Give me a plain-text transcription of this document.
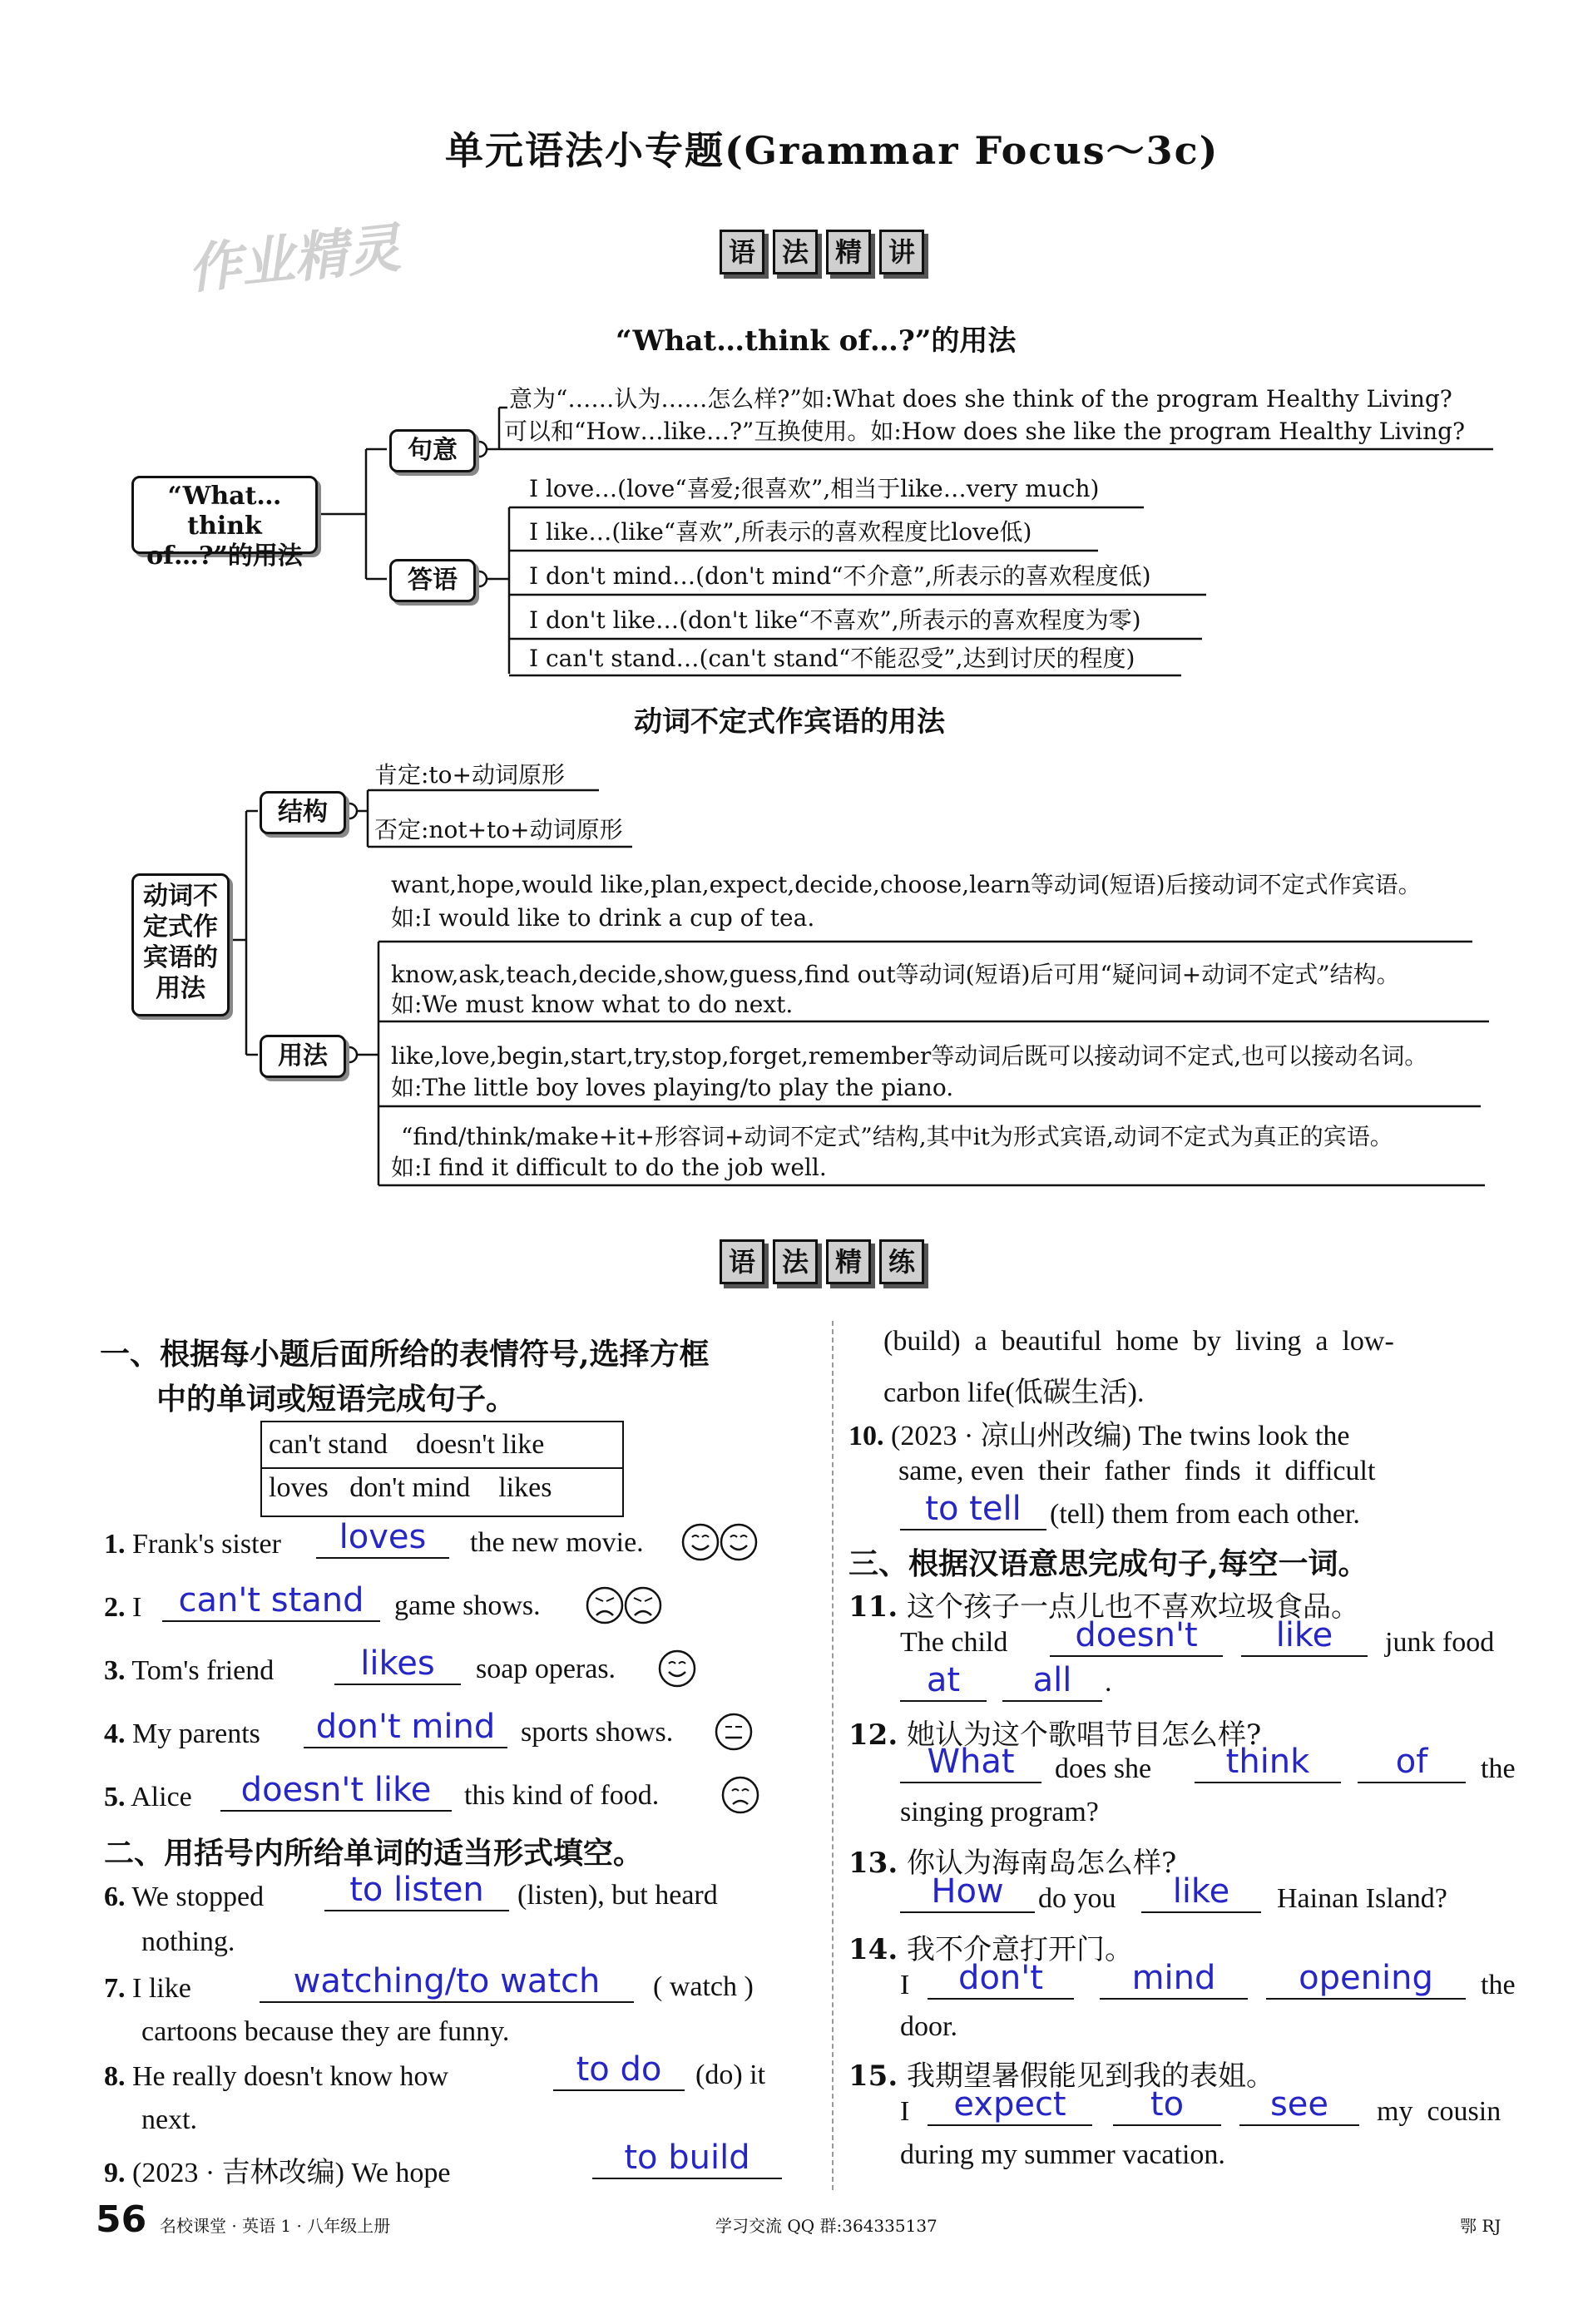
作业精灵
单元语法小专题(Grammar Focus～3c)
语 法 精 讲
“What…think of…?”的用法
“What…think of…?”的用法
句意
答语
意为“……认为……怎么样?”如:What does she think of the program Healthy Living?
可以和“How…like…?”互换使用。如:How does she like the program Healthy Living?
I love…(love“喜爱;很喜欢”,相当于like…very much)
I like…(like“喜欢”,所表示的喜欢程度比love低)
I don't mind…(don't mind“不介意”,所表示的喜欢程度低)
I don't like…(don't like“不喜欢”,所表示的喜欢程度为零)
I can't stand…(can't stand“不能忍受”,达到讨厌的程度)
动词不定式作宾语的用法
动词不定式作宾语的用法
结构
用法
肯定:to+动词原形
否定:not+to+动词原形
want,hope,would like,plan,expect,decide,choose,learn等动词(短语)后接动词不定式作宾语。
如:I would like to drink a cup of tea.
know,ask,teach,decide,show,guess,find out等动词(短语)后可用“疑问词+动词不定式”结构。
如:We must know what to do next.
like,love,begin,start,try,stop,forget,remember等动词后既可以接动词不定式,也可以接动名词。
如:The little boy loves playing/to play the piano.
“find/think/make+it+形容词+动词不定式”结构,其中it为形式宾语,动词不定式为真正的宾语。
如:I find it difficult to do the job well.
语 法 精 练
一、根据每小题后面所给的表情符号,选择方框
中的单词或短语完成句子。
can't stand    doesn't like
loves   don't mind    likes
1. Frank's sister	loves	the new movie.
2. I	can't stand	game shows.
3. Tom's friend	likes	soap operas.
4. My parents	don't mind sports shows.
5. Alice	doesn't like	this kind of food.
二、用括号内所给单词的适当形式填空。
6. We stopped	to listen	(listen), but heard
nothing.
7. I like	watching/to watch	( watch )
cartoons because they are funny.
8. He really doesn't know how	to do	(do) it
next.
9. (2023 · 吉林改编) We hope	to build
(build)  a  beautiful  home  by  living  a  low-
carbon life(低碳生活).
10. (2023 · 凉山州改编) The twins look the
same, even  their  father  finds  it  difficult
to tell	(tell) them from each other.
三、根据汉语意思完成句子,每空一词。
11. 这个孩子一点儿也不喜欢垃圾食品。
The child	doesn't	like	junk food
at	all	.
12. 她认为这个歌唱节目怎么样?
What	does she	think	of	the
singing program?
13. 你认为海南岛怎么样?
How	do you	like	Hainan Island?
14. 我不介意打开门。
I	don't	mind	opening	the
door.
15. 我期望暑假能见到我的表姐。
I	expect	to	see	my  cousin
during my summer vacation.
56 名校课堂 · 英语 1 · 八年级上册	学习交流 QQ 群:364335137	鄂 RJ
